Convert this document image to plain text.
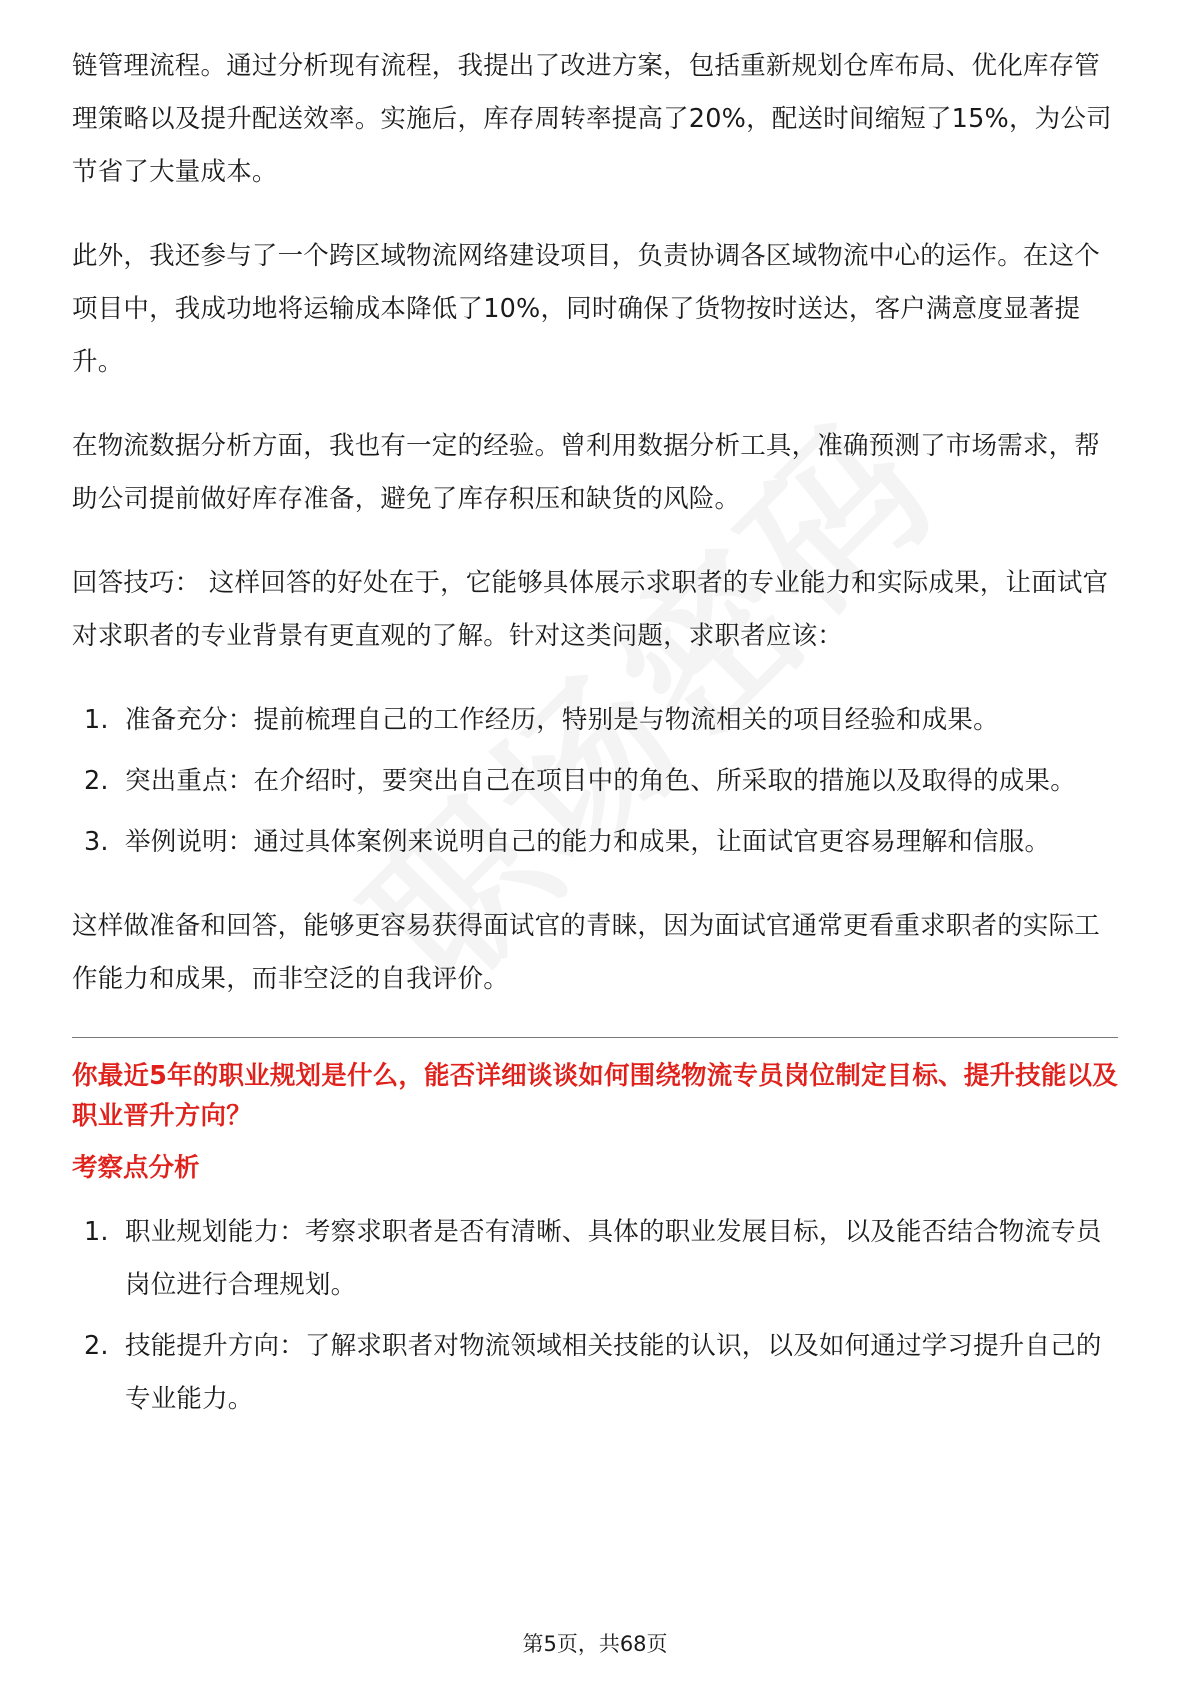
链管理流程。通过分析现有流程，我提出了改进方案，包括重新规划仓库布局、优化库存管理策略以及提升配送效率。实施后，库存周转率提高了20%，配送时间缩短了15%，为公司节省了大量成本。

此外，我还参与了一个跨区域物流网络建设项目，负责协调各区域物流中心的运作。在这个项目中，我成功地将运输成本降低了10%，同时确保了货物按时送达，客户满意度显著提升。

在物流数据分析方面，我也有一定的经验。曾利用数据分析工具，准确预测了市场需求，帮助公司提前做好库存准备，避免了库存积压和缺货的风险。

回答技巧： 这样回答的好处在于，它能够具体展示求职者的专业能力和实际成果，让面试官对求职者的专业背景有更直观的了解。针对这类问题，求职者应该：

1. 准备充分：提前梳理自己的工作经历，特别是与物流相关的项目经验和成果。
2. 突出重点：在介绍时，要突出自己在项目中的角色、所采取的措施以及取得的成果。
3. 举例说明：通过具体案例来说明自己的能力和成果，让面试官更容易理解和信服。

这样做准备和回答，能够更容易获得面试官的青睐，因为面试官通常更看重求职者的实际工作能力和成果，而非空泛的自我评价。

你最近5年的职业规划是什么，能否详细谈谈如何围绕物流专员岗位制定目标、提升技能以及职业晋升方向？
考察点分析
1. 职业规划能力：考察求职者是否有清晰、具体的职业发展目标，以及能否结合物流专员岗位进行合理规划。
2. 技能提升方向：了解求职者对物流领域相关技能的认识，以及如何通过学习提升自己的专业能力。
第5页，共68页
